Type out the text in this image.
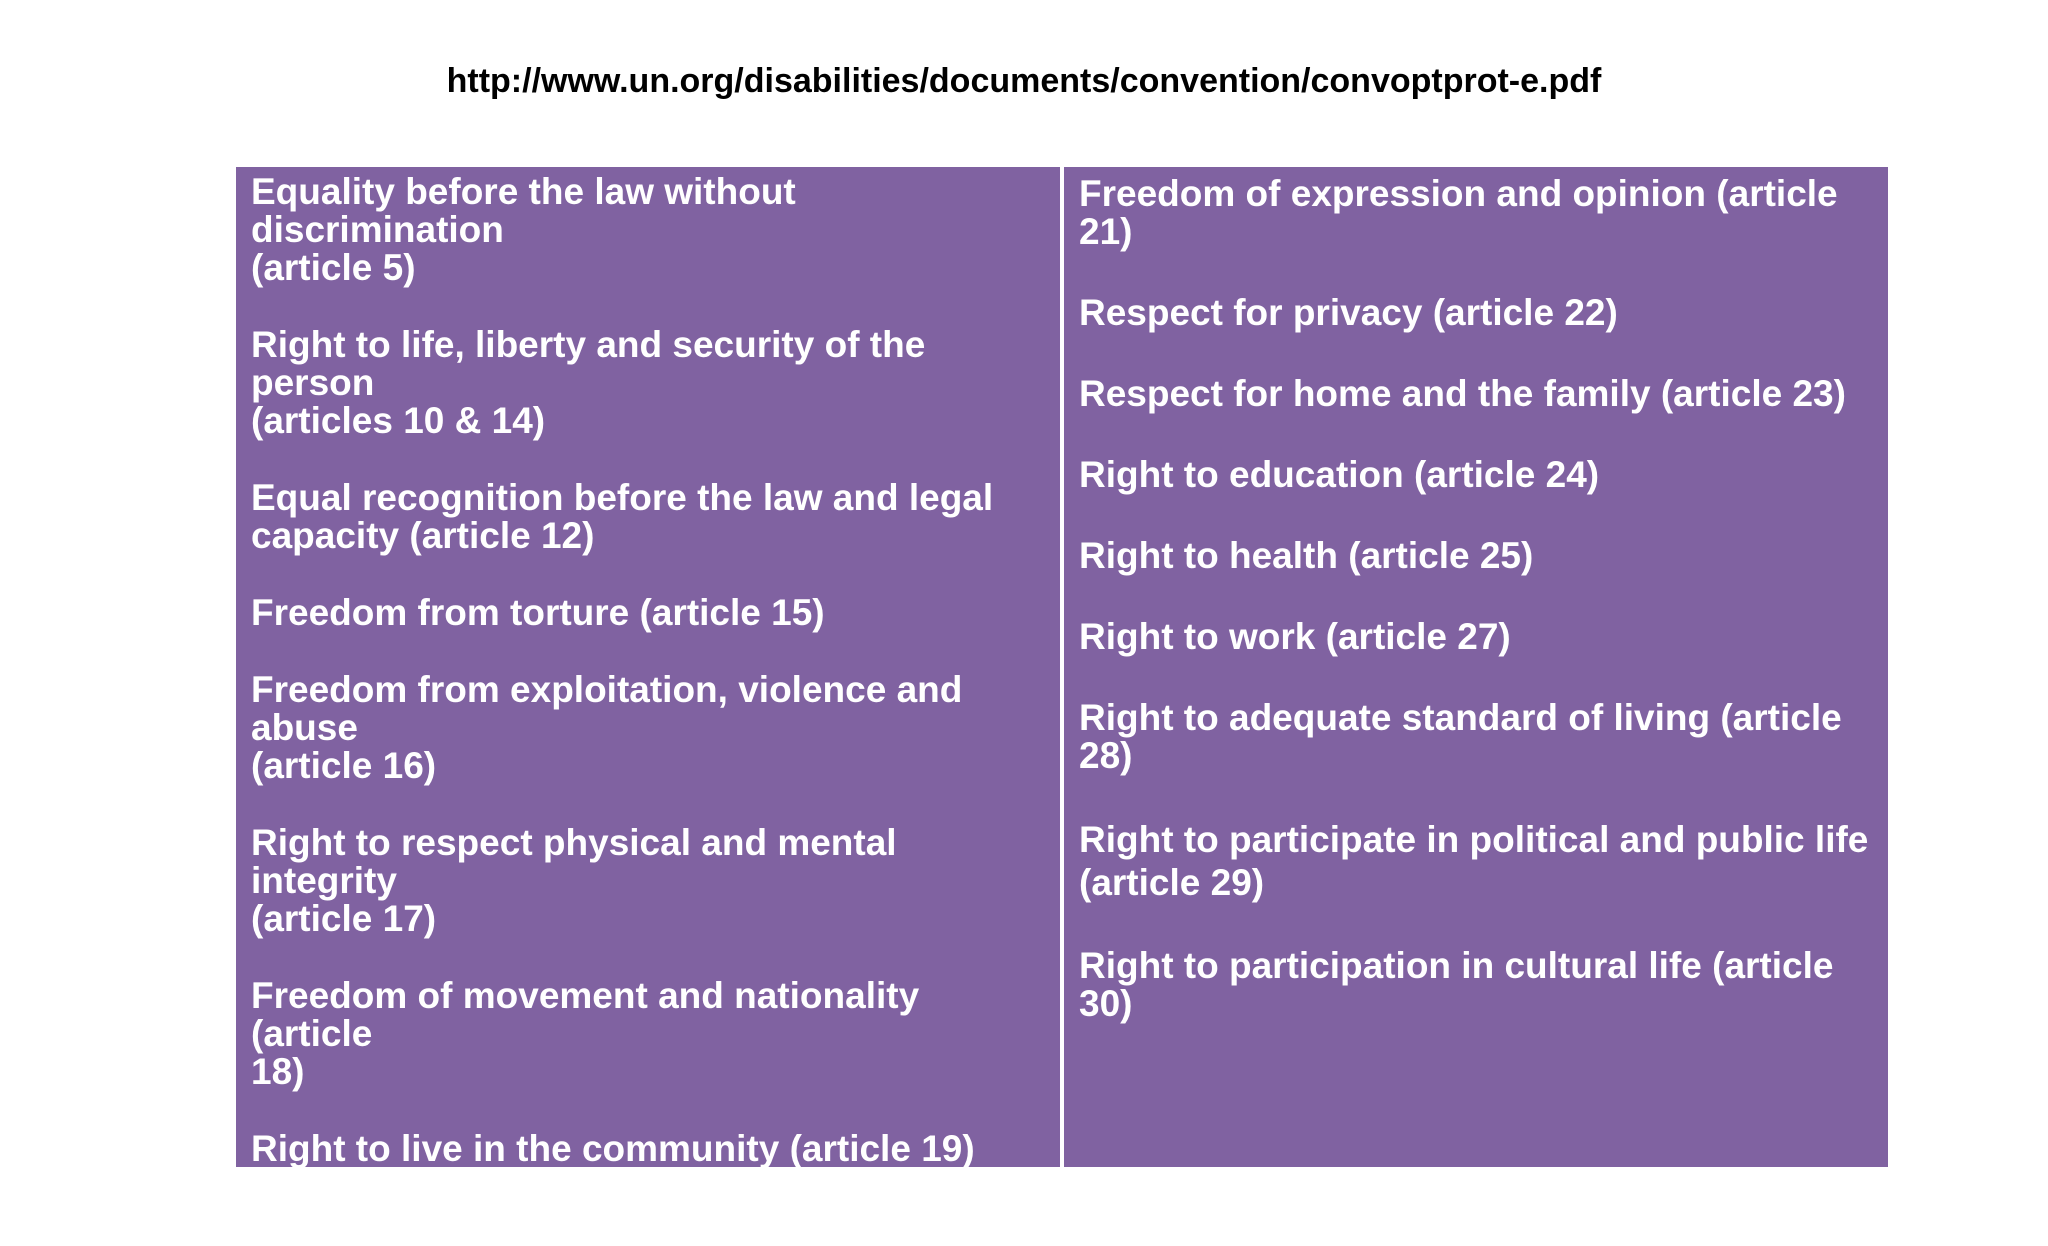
http://www.un.org/disabilities/documents/convention/convoptprot-e.pdf
Equality before the law without discrimination
(article 5)
Right to life, liberty and security of the person
(articles 10 & 14)
Equal recognition before the law and legal
capacity (article 12)
Freedom from torture (article 15)
Freedom from exploitation, violence and abuse
(article 16)
Right to respect physical and mental integrity
(article 17)
Freedom of movement and nationality (article
18)
Right to live in the community (article 19)
Personal mobility (article 20)
Freedom of expression and opinion (article 21)
Respect for privacy (article 22)
Respect for home and the family (article 23)
Right to education (article 24)
Right to health (article 25)
Right to work (article 27)
Right to adequate standard of living (article 28)
Right to participate in political and public life
(article 29)
Right to participation in cultural life (article 30)
